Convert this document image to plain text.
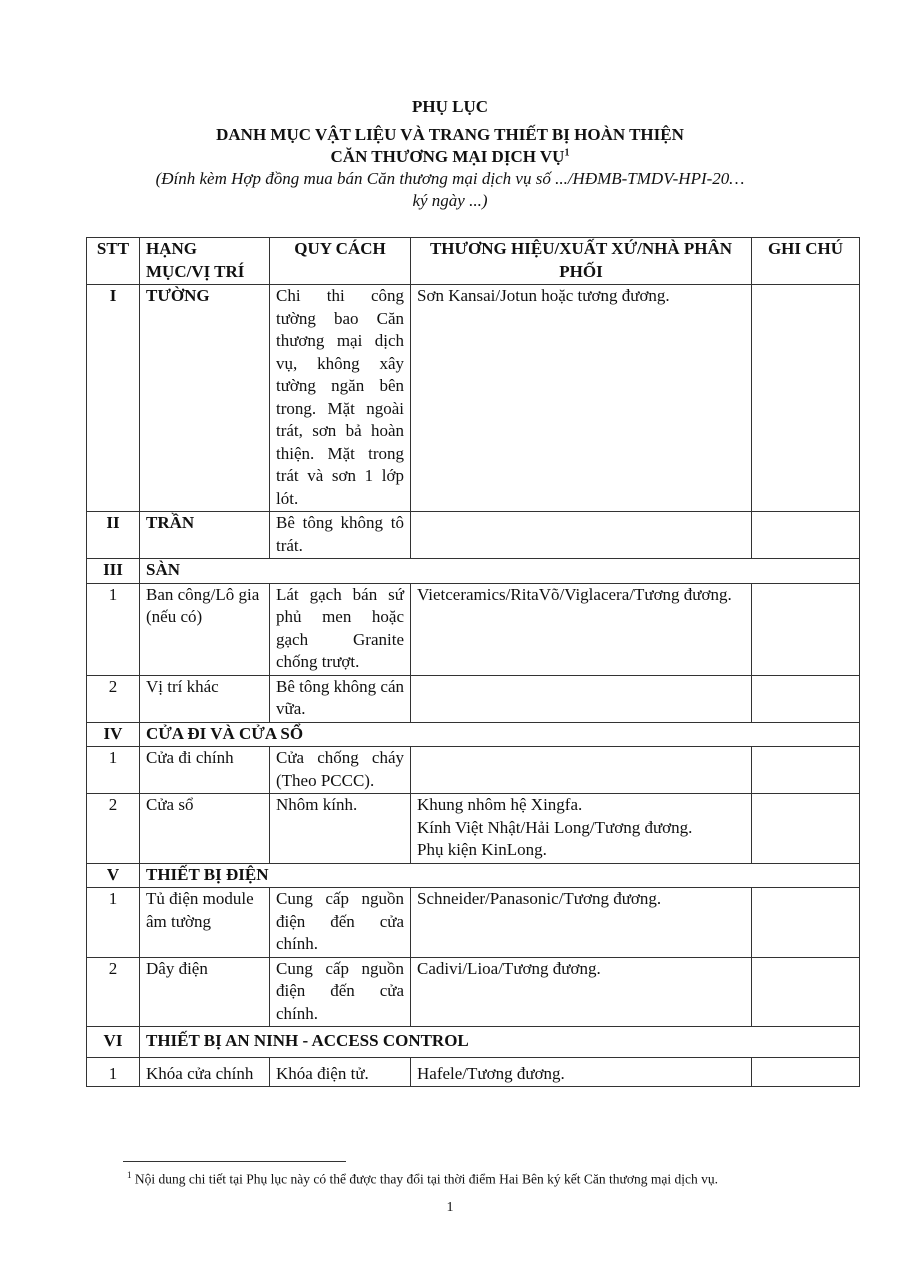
PHỤ LỤC
DANH MỤC VẬT LIỆU VÀ TRANG THIẾT BỊ HOÀN THIỆN
CĂN THƯƠNG MẠI DỊCH VỤ$^1$
(Đính kèm Hợp đồng mua bán Căn thương mại dịch vụ số .../HĐMB-TMDV-HPI-20…
ký ngày ...)
STT	HẠNG MỤC/VỊ TRÍ	QUY CÁCH	THƯƠNG HIỆU/XUẤT XỨ/NHÀ PHÂN PHỐI	GHI CHÚ
I	TƯỜNG	Chi thi công tường bao Căn thương mại dịch vụ, không xây tường ngăn bên trong. Mặt ngoài trát, sơn bả hoàn thiện. Mặt trong trát và sơn 1 lớp lót.	Sơn Kansai/Jotun hoặc tương đương.	
II	TRẦN	Bê tông không tô trát.		
III	SÀN			
1	Ban công/Lô gia (nếu có)	Lát gạch bán sứ phủ men hoặc gạch Granite chống trượt.	Vietceramics/RitaVõ/Viglacera/Tương đương.	
2	Vị trí khác	Bê tông không cán vữa.		
IV	CỬA ĐI VÀ CỬA SỔ			
1	Cửa đi chính	Cửa chống cháy (Theo PCCC).		
2	Cửa sổ	Nhôm kính.	Khung nhôm hệ Xingfa.
Kính Việt Nhật/Hải Long/Tương đương.
Phụ kiện KinLong.	

V	THIẾT BỊ ĐIỆN			
1	Tủ điện module âm tường	Cung cấp nguồn điện đến cửa chính.	Schneider/Panasonic/Tương đương.	
2	Dây điện	Cung cấp nguồn điện đến cửa chính.	Cadivi/Lioa/Tương đương.	
VI	THIẾT BỊ AN NINH - ACCESS CONTROL			
1	Khóa cửa chính	Khóa điện tử.	Hafele/Tương đương.	
$^1$ Nội dung chi tiết tại Phụ lục này có thể được thay đổi tại thời điểm Hai Bên ký kết Căn thương mại dịch vụ.
1
